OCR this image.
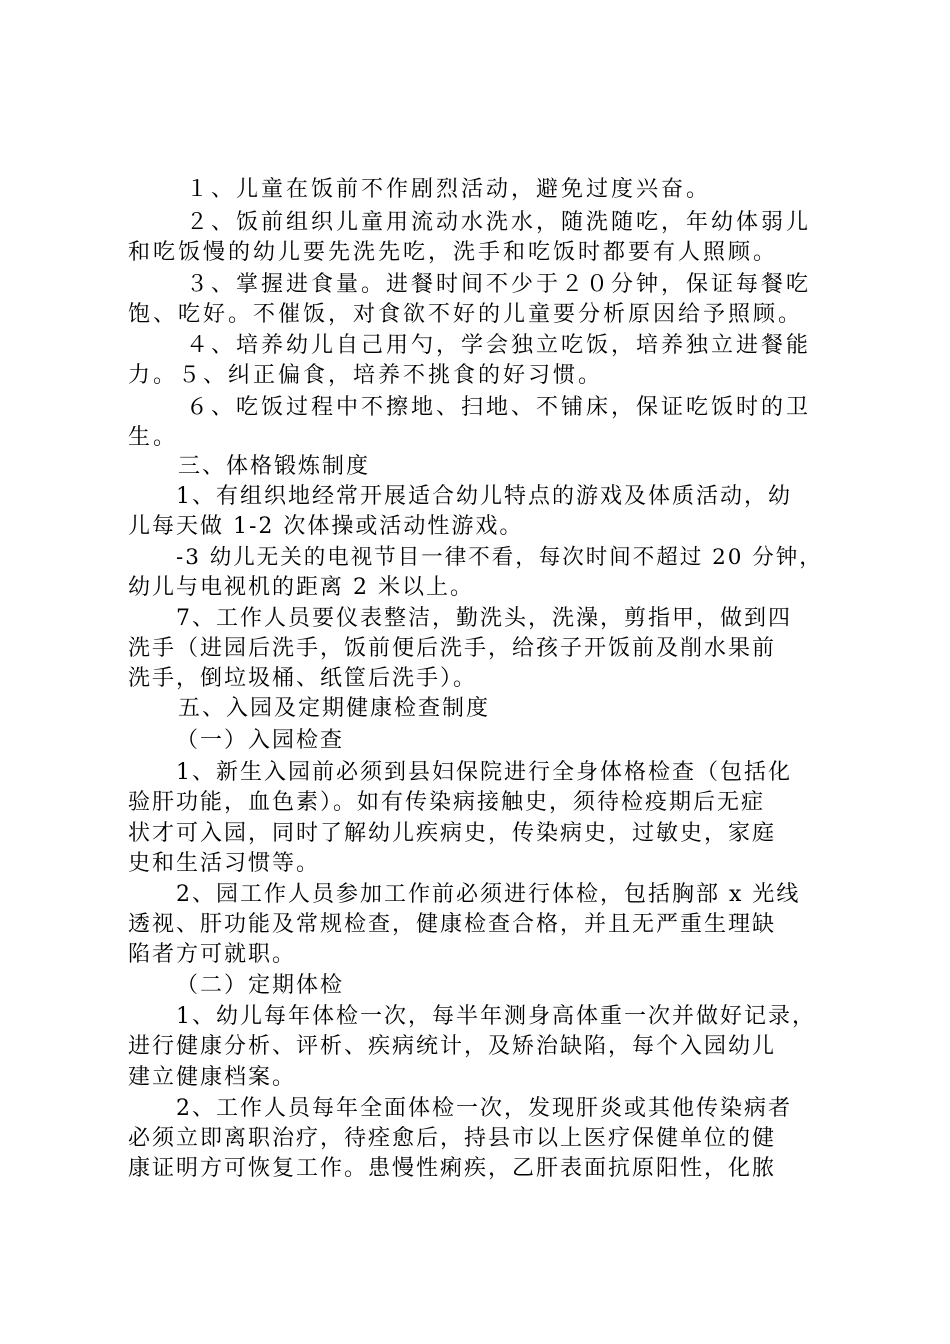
１、儿童在饭前不作剧烈活动，避免过度兴奋。
２、饭前组织儿童用流动水洗水，随洗随吃，年幼体弱儿
和吃饭慢的幼儿要先洗先吃，洗手和吃饭时都要有人照顾。
３、掌握进食量。进餐时间不少于２０分钟，保证每餐吃
饱、吃好。不催饭，对食欲不好的儿童要分析原因给予照顾。
４、培养幼儿自己用勺，学会独立吃饭，培养独立进餐能
力。５、纠正偏食，培养不挑食的好习惯。
６、吃饭过程中不擦地、扫地、不铺床，保证吃饭时的卫
生。
三、体格锻炼制度
1、有组织地经常开展适合幼儿特点的游戏及体质活动，幼
儿每天做 1-2 次体操或活动性游戏。
-3 幼儿无关的电视节目一律不看，每次时间不超过 20 分钟，
幼儿与电视机的距离 2 米以上。
7、工作人员要仪表整洁，勤洗头，洗澡，剪指甲，做到四
洗手（进园后洗手，饭前便后洗手，给孩子开饭前及削水果前
洗手，倒垃圾桶、纸筐后洗手）。
五、入园及定期健康检查制度
（一）入园检查
1、新生入园前必须到县妇保院进行全身体格检查（包括化
验肝功能，血色素）。如有传染病接触史，须待检疫期后无症
状才可入园，同时了解幼儿疾病史，传染病史，过敏史，家庭
史和生活习惯等。
2、园工作人员参加工作前必须进行体检，包括胸部 x 光线
透视、肝功能及常规检查，健康检查合格，并且无严重生理缺
陷者方可就职。
（二）定期体检
1、幼儿每年体检一次，每半年测身高体重一次并做好记录，
进行健康分析、评析、疾病统计，及矫治缺陷，每个入园幼儿
建立健康档案。
2、工作人员每年全面体检一次，发现肝炎或其他传染病者
必须立即离职治疗，待痊愈后，持县市以上医疗保健单位的健
康证明方可恢复工作。患慢性痢疾，乙肝表面抗原阳性，化脓
